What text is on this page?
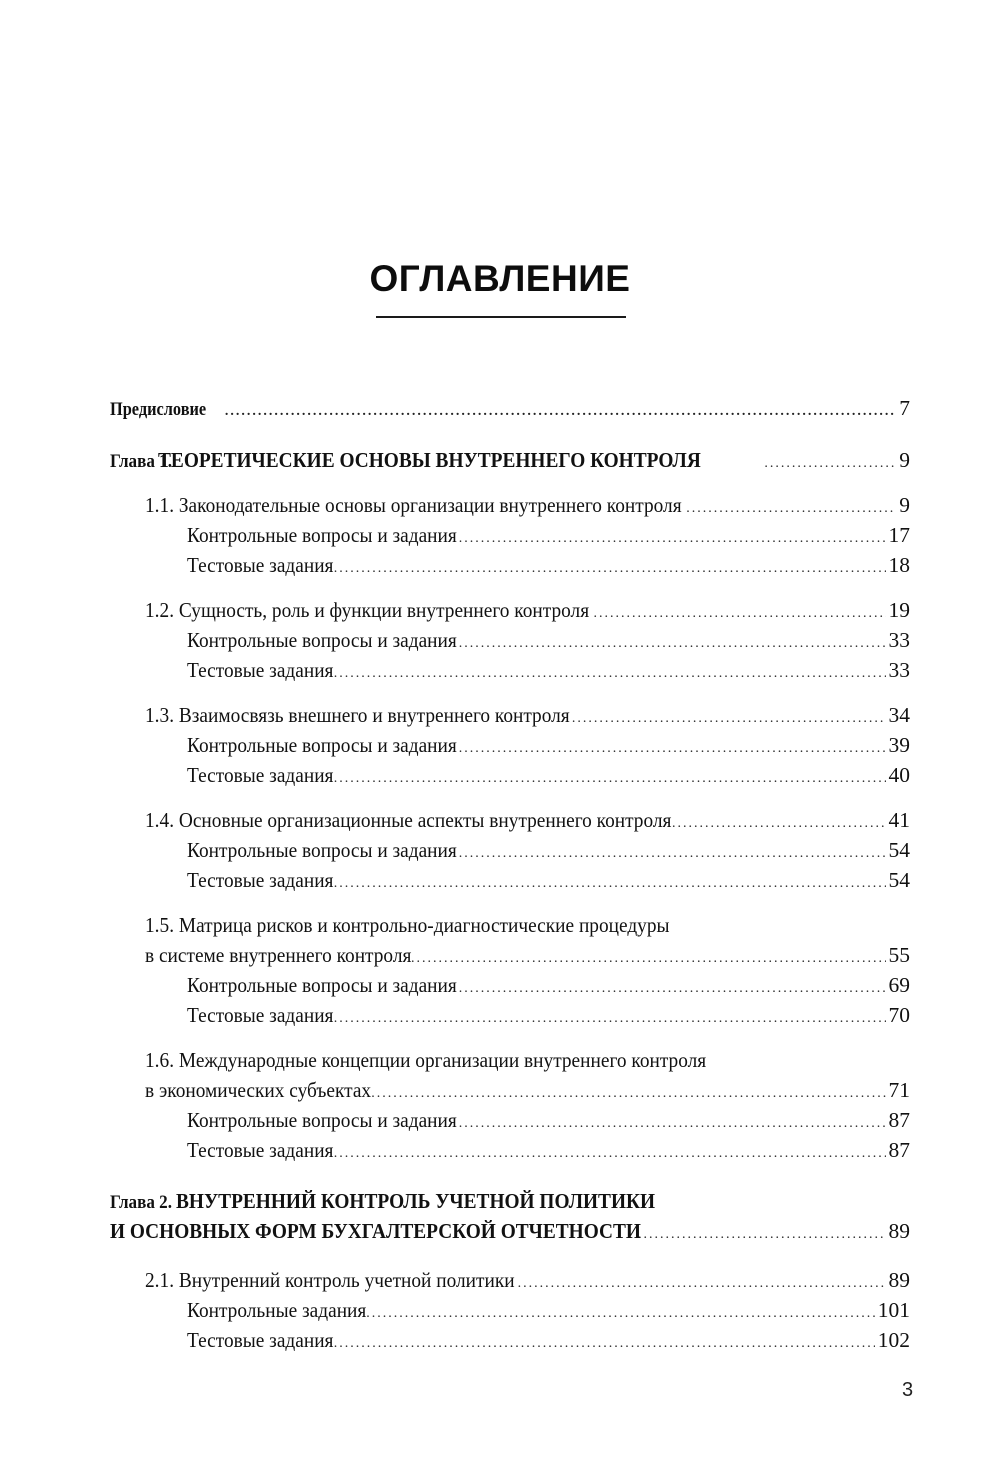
ОГЛАВЛЕНИЕ
Предисловие .....	7
Глава 1. ТЕОРЕТИЧЕСКИЕ ОСНОВЫ ВНУТРЕННЕГО КОНТРОЛЯ .....	9
1.1. Законодательные основы организации внутреннего контроля .....	9
Контрольные вопросы и задания .....	17
Тестовые задания .....	18
1.2. Сущность, роль и функции внутреннего контроля .....	19
Контрольные вопросы и задания .....	33
Тестовые задания .....	33
1.3. Взаимосвязь внешнего и внутреннего контроля .....	34
Контрольные вопросы и задания .....	39
Тестовые задания .....	40
1.4. Основные организационные аспекты внутреннего контроля .....	41
Контрольные вопросы и задания .....	54
Тестовые задания .....	54
1.5. Матрица рисков и контрольно-диагностические процедуры
в системе внутреннего контроля .....	55
Контрольные вопросы и задания .....	69
Тестовые задания .....	70
1.6. Международные концепции организации внутреннего контроля
в экономических субъектах .....	71
Контрольные вопросы и задания .....	87
Тестовые задания .....	87
Глава 2. ВНУТРЕННИЙ КОНТРОЛЬ УЧЕТНОЙ ПОЛИТИКИ
И ОСНОВНЫХ ФОРМ БУХГАЛТЕРСКОЙ ОТЧЕТНОСТИ .....	89
2.1. Внутренний контроль учетной политики .....	89
Контрольные задания .....	101
Тестовые задания .....	102
3
